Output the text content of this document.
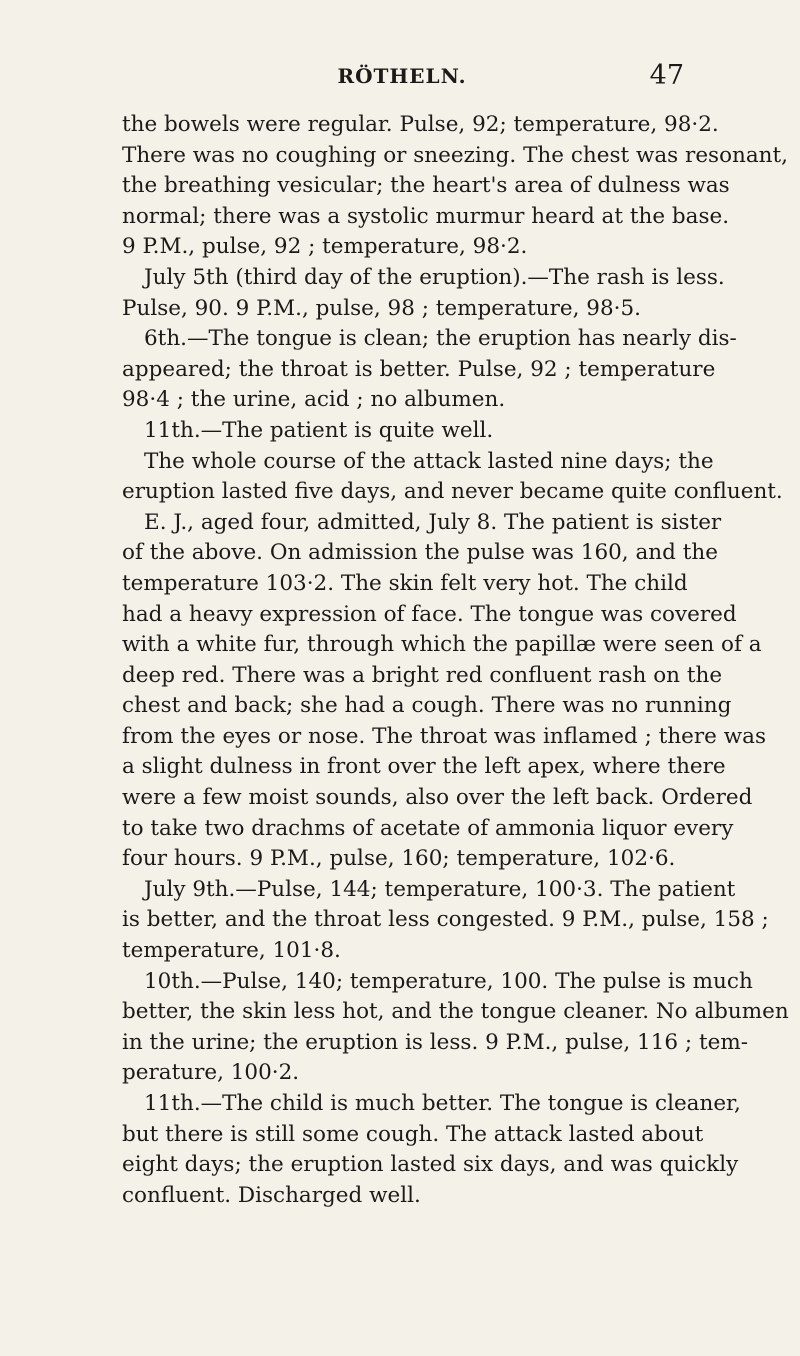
RÖTHELN.	47
the bowels were regular. Pulse, 92; temperature, 98·2.
There was no coughing or sneezing. The chest was resonant,
the breathing vesicular; the heart's area of dulness was
normal; there was a systolic murmur heard at the base.
9 P.M., pulse, 92 ; temperature, 98·2.
July 5th (third day of the eruption).—The rash is less.
Pulse, 90. 9 P.M., pulse, 98 ; temperature, 98·5.
6th.—The tongue is clean; the eruption has nearly dis-
appeared; the throat is better. Pulse, 92 ; temperature
98·4 ; the urine, acid ; no albumen.
11th.—The patient is quite well.
The whole course of the attack lasted nine days; the
eruption lasted five days, and never became quite confluent.
E. J., aged four, admitted, July 8. The patient is sister
of the above. On admission the pulse was 160, and the
temperature 103·2. The skin felt very hot. The child
had a heavy expression of face. The tongue was covered
with a white fur, through which the papillæ were seen of a
deep red. There was a bright red confluent rash on the
chest and back; she had a cough. There was no running
from the eyes or nose. The throat was inflamed ; there was
a slight dulness in front over the left apex, where there
were a few moist sounds, also over the left back. Ordered
to take two drachms of acetate of ammonia liquor every
four hours. 9 P.M., pulse, 160; temperature, 102·6.
July 9th.—Pulse, 144; temperature, 100·3. The patient
is better, and the throat less congested. 9 P.M., pulse, 158 ;
temperature, 101·8.
10th.—Pulse, 140; temperature, 100. The pulse is much
better, the skin less hot, and the tongue cleaner. No albumen
in the urine; the eruption is less. 9 P.M., pulse, 116 ; tem-
perature, 100·2.
11th.—The child is much better. The tongue is cleaner,
but there is still some cough. The attack lasted about
eight days; the eruption lasted six days, and was quickly
confluent. Discharged well.
